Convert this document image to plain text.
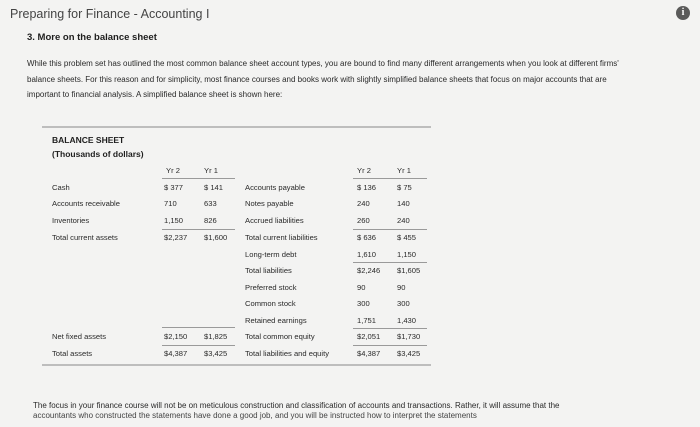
Preparing for Finance - Accounting I	i
3. More on the balance sheet
While this problem set has outlined the most common balance sheet account types, you are bound to find many different arrangements when you look at different firms' balance sheets. For this reason and for simplicity, most finance courses and books work with slightly simplified balance sheets that focus on major accounts that are important to financial analysis. A simplified balance sheet is shown here:
BALANCE SHEET
(Thousands of dollars)
Yr 2	Yr 1	Yr 2	Yr 1
Cash	$ 377	$ 141
Accounts receivable	710	633
Inventories	1,150	826
Total current assets	$2,237 $1,600
Net fixed assets	$2,150 $1,825
Total assets	$4,387 $3,425
Accounts payable	$ 136	$ 75
Notes payable	240	140
Accrued liabilities	260	240
Total current liabilities	$ 636	$ 455
Long-term debt	1,610	1,150
Total liabilities	$2,246 $1,605
Preferred stock	90	90
Common stock	300	300
Retained earnings	1,751	1,430
Total common equity	$2,051 $1,730
Total liabilities and equity	$4,387 $3,425
The focus in your finance course will not be on meticulous construction and classification of accounts and transactions. Rather, it will assume that the
accountants who constructed the statements have done a good job, and you will be instructed how to interpret the statements
